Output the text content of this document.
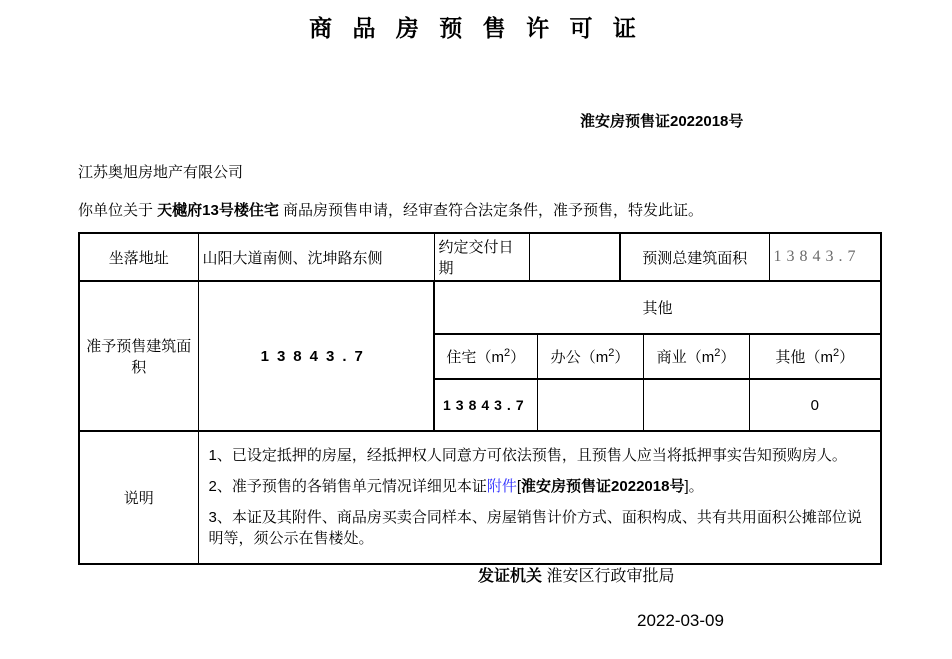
商 品 房 预 售 许 可 证
淮安房预售证2022018号
江苏奥旭房地产有限公司
你单位关于 天樾府13号楼住宅 商品房预售申请，经审查符合法定条件，准予预售，特发此证。
坐落地址	山阳大道南侧、沈坤路东侧	约定交付日期			预测总建筑面积			13843.7
准予预售建筑面积	13843.7	其他						
		住宅$(m^2)$		办公$(m^2)$		商业$(m^2)$	其他$(m^2)$	
		13843.7					0	
说明	1、已设定抵押的房屋，经抵押权人同意方可依法预售，且预售人应当将抵押事实告知预购房人。

2、准予预售的各销售单元情况详细见本证附件[淮安房预售证2022018号]。

3、本证及其附件、商品房买卖合同样本、房屋销售计价方式、面积构成、共有共用面积公摊部位说明等，须公示在售楼处。							

发证机关 淮安区行政审批局
2022-03-09
